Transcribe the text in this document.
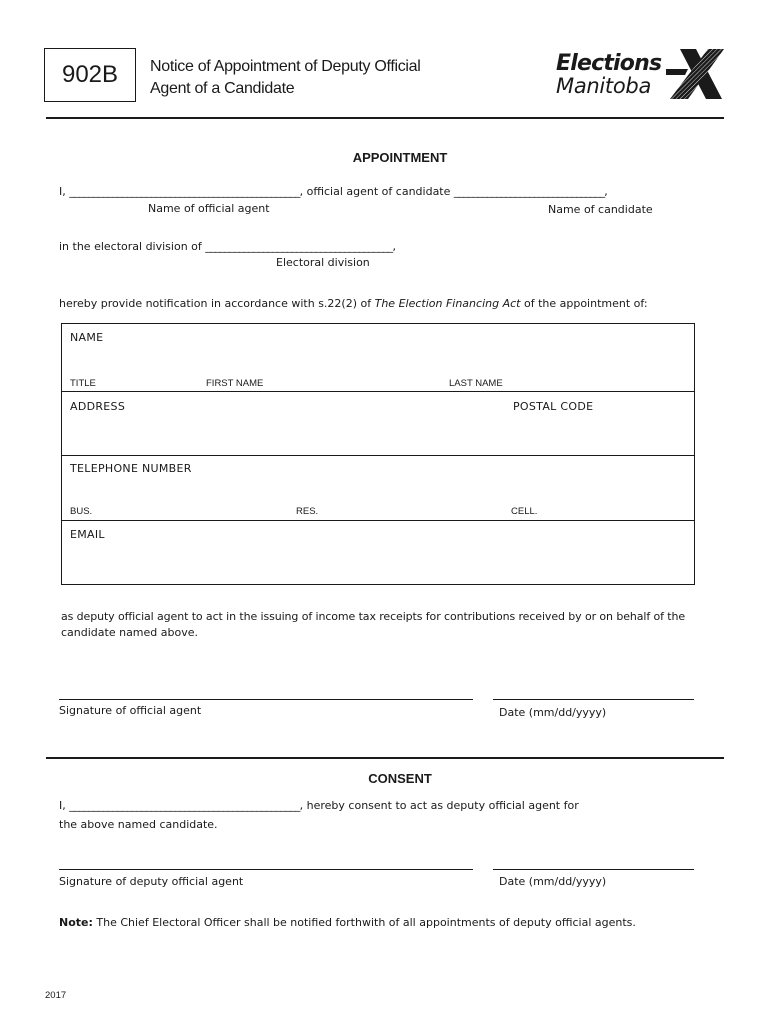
902B	Notice of Appointment of Deputy Official
Agent of a Candidate
Elections
Manitoba
APPOINTMENT
I, ________________________________________________, official agent of candidate ________________________________,
Name of official agent	Name of candidate
in the electoral division of _______________________________________,
Electoral division
hereby provide notification in accordance with s.22(2) of The Election Financing Act of the appointment of:
NAME
TITLE	FIRST NAME	LAST NAME
ADDRESS	POSTAL CODE
TELEPHONE NUMBER
BUS.	RES.	CELL.
EMAIL
as deputy official agent to act in the issuing of income tax receipts for contributions received by or on behalf of the
candidate named above.
Signature of official agent	Date (mm/dd/yyyy)
CONSENT
I, ________________________________________________, hereby consent to act as deputy official agent for
the above named candidate.
Signature of deputy official agent	Date (mm/dd/yyyy)
Note: The Chief Electoral Officer shall be notified forthwith of all appointments of deputy official agents.
2017
